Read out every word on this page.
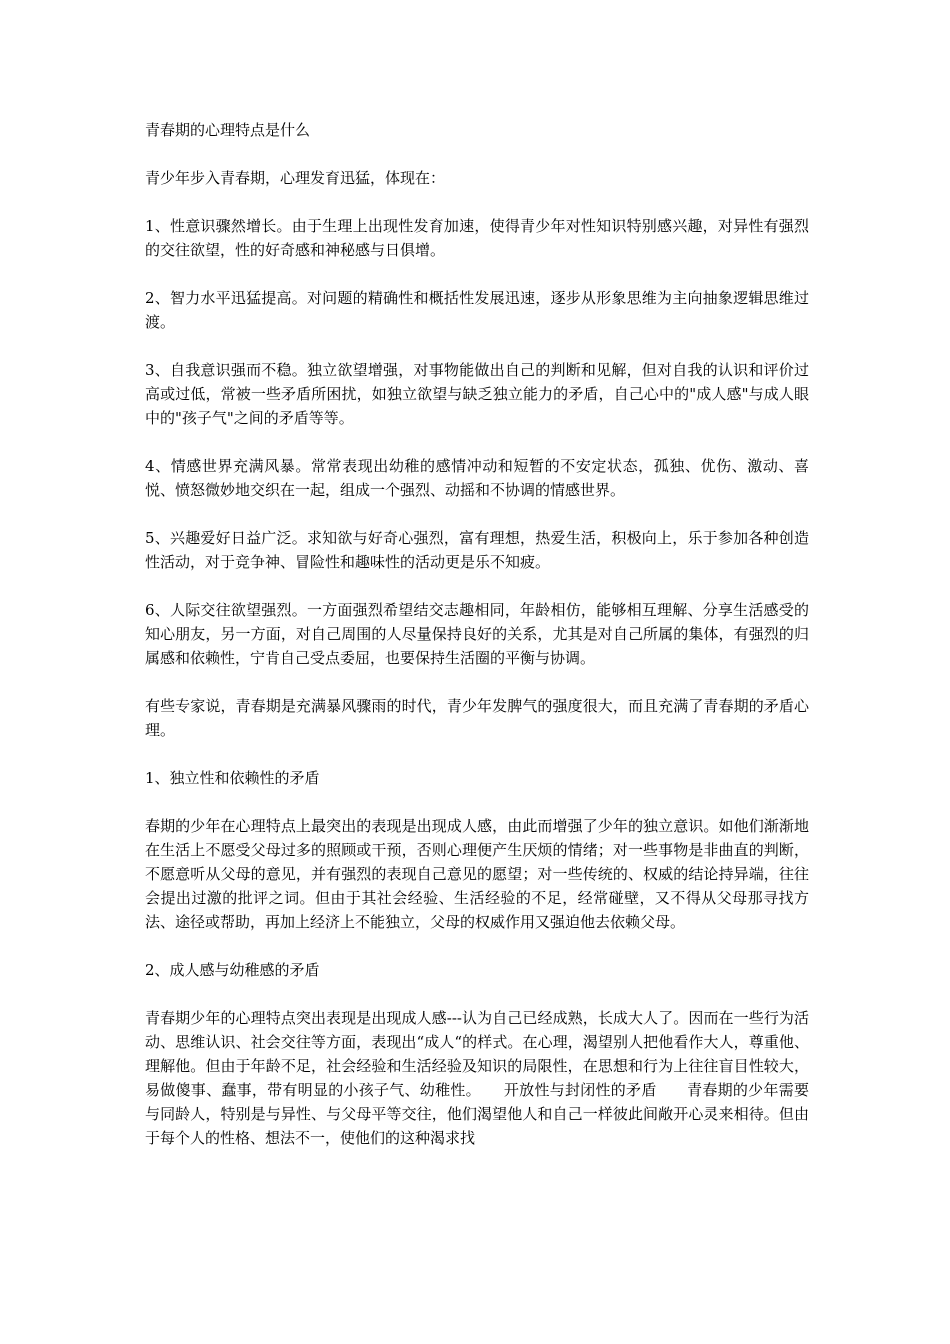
青春期的心理特点是什么

青少年步入青春期，心理发育迅猛，体现在：

1、性意识骤然增长。由于生理上出现性发育加速，使得青少年对性知识特别感兴趣，对异性有强烈的交往欲望，性的好奇感和神秘感与日俱增。

2、智力水平迅猛提高。对问题的精确性和概括性发展迅速，逐步从形象思维为主向抽象逻辑思维过渡。

3、自我意识强而不稳。独立欲望增强，对事物能做出自己的判断和见解，但对自我的认识和评价过高或过低，常被一些矛盾所困扰，如独立欲望与缺乏独立能力的矛盾，自己心中的"成人感"与成人眼中的"孩子气"之间的矛盾等等。

4、情感世界充满风暴。常常表现出幼稚的感情冲动和短暂的不安定状态，孤独、优伤、激动、喜悦、愤怒微妙地交织在一起，组成一个强烈、动摇和不协调的情感世界。

5、兴趣爱好日益广泛。求知欲与好奇心强烈，富有理想，热爱生活，积极向上，乐于参加各种创造性活动，对于竞争神、冒险性和趣味性的活动更是乐不知疲。

6、人际交往欲望强烈。一方面强烈希望结交志趣相同，年龄相仿，能够相互理解、分享生活感受的知心朋友，另一方面，对自己周围的人尽量保持良好的关系，尤其是对自己所属的集体，有强烈的归属感和依赖性，宁肯自己受点委屈，也要保持生活圈的平衡与协调。

有些专家说，青春期是充满暴风骤雨的时代，青少年发脾气的强度很大，而且充满了青春期的矛盾心理。

1、独立性和依赖性的矛盾

春期的少年在心理特点上最突出的表现是出现成人感，由此而增强了少年的独立意识。如他们渐渐地在生活上不愿受父母过多的照顾或干预，否则心理便产生厌烦的情绪；对一些事物是非曲直的判断，不愿意听从父母的意见，并有强烈的表现自己意见的愿望；对一些传统的、权威的结论持异端，往往会提出过激的批评之词。但由于其社会经验、生活经验的不足，经常碰壁，又不得从父母那寻找方法、途径或帮助，再加上经济上不能独立，父母的权威作用又强迫他去依赖父母。

2、成人感与幼稚感的矛盾

青春期少年的心理特点突出表现是出现成人感---认为自己已经成熟，长成大人了。因而在一些行为活动、思维认识、社会交往等方面，表现出“成人“的样式。在心理，渴望别人把他看作大人，尊重他、理解他。但由于年龄不足，社会经验和生活经验及知识的局限性，在思想和行为上往往盲目性较大，易做傻事、蠢事，带有明显的小孩子气、幼稚性。　　开放性与封闭性的矛盾　　青春期的少年需要与同龄人，特别是与异性、与父母平等交往，他们渴望他人和自己一样彼此间敞开心灵来相待。但由于每个人的性格、想法不一，使他们的这种渴求找
